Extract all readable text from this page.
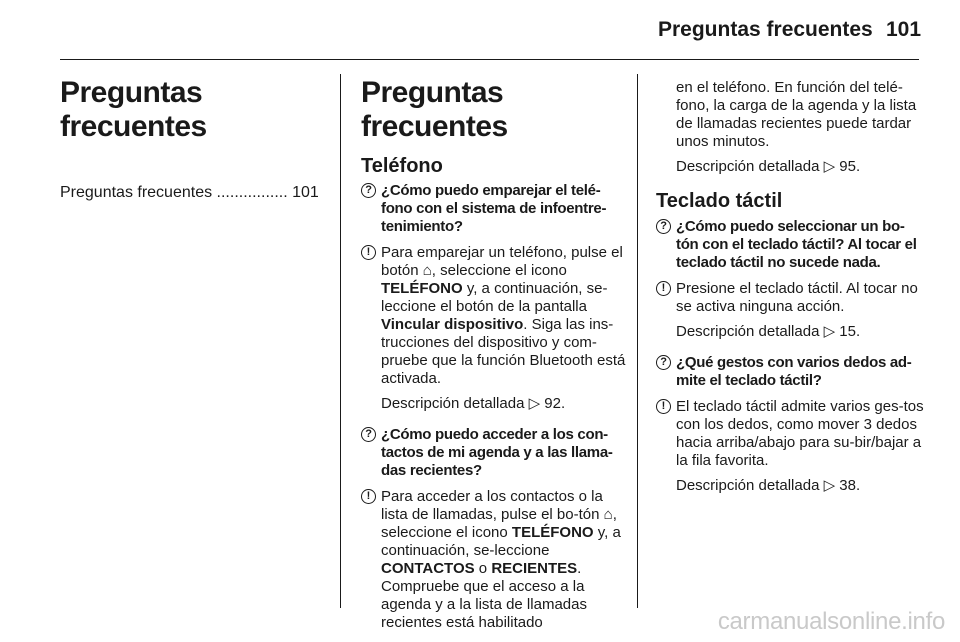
Preguntas frecuentes 101
Preguntas frecuentes
Preguntas frecuentes ................ 101
Preguntas frecuentes
Teléfono
? ¿Cómo puedo emparejar el telé-fono con el sistema de infoentre-tenimiento?
! Para emparejar un teléfono, pulse el botón ⌂, seleccione el icono TELÉFONO y, a continuación, se-leccione el botón de la pantalla Vincular dispositivo. Siga las ins-trucciones del dispositivo y com-pruebe que la función Bluetooth está activada.
Descripción detallada ▷ 92.
? ¿Cómo puedo acceder a los con-tactos de mi agenda y a las llama-das recientes?
! Para acceder a los contactos o la lista de llamadas, pulse el bo-tón ⌂, seleccione el icono TELÉFONO y, a continuación, se-leccione CONTACTOS o RECIENTES. Compruebe que el acceso a la agenda y a la lista de llamadas recientes está habilitado
en el teléfono. En función del telé-fono, la carga de la agenda y la lista de llamadas recientes puede tardar unos minutos.
Descripción detallada ▷ 95.
Teclado táctil
? ¿Cómo puedo seleccionar un bo-tón con el teclado táctil? Al tocar el teclado táctil no sucede nada.
! Presione el teclado táctil. Al tocar no se activa ninguna acción.
Descripción detallada ▷ 15.
? ¿Qué gestos con varios dedos ad-mite el teclado táctil?
! El teclado táctil admite varios ges-tos con los dedos, como mover 3 dedos hacia arriba/abajo para su-bir/bajar a la fila favorita.
Descripción detallada ▷ 38.
carmanualsonline.info
